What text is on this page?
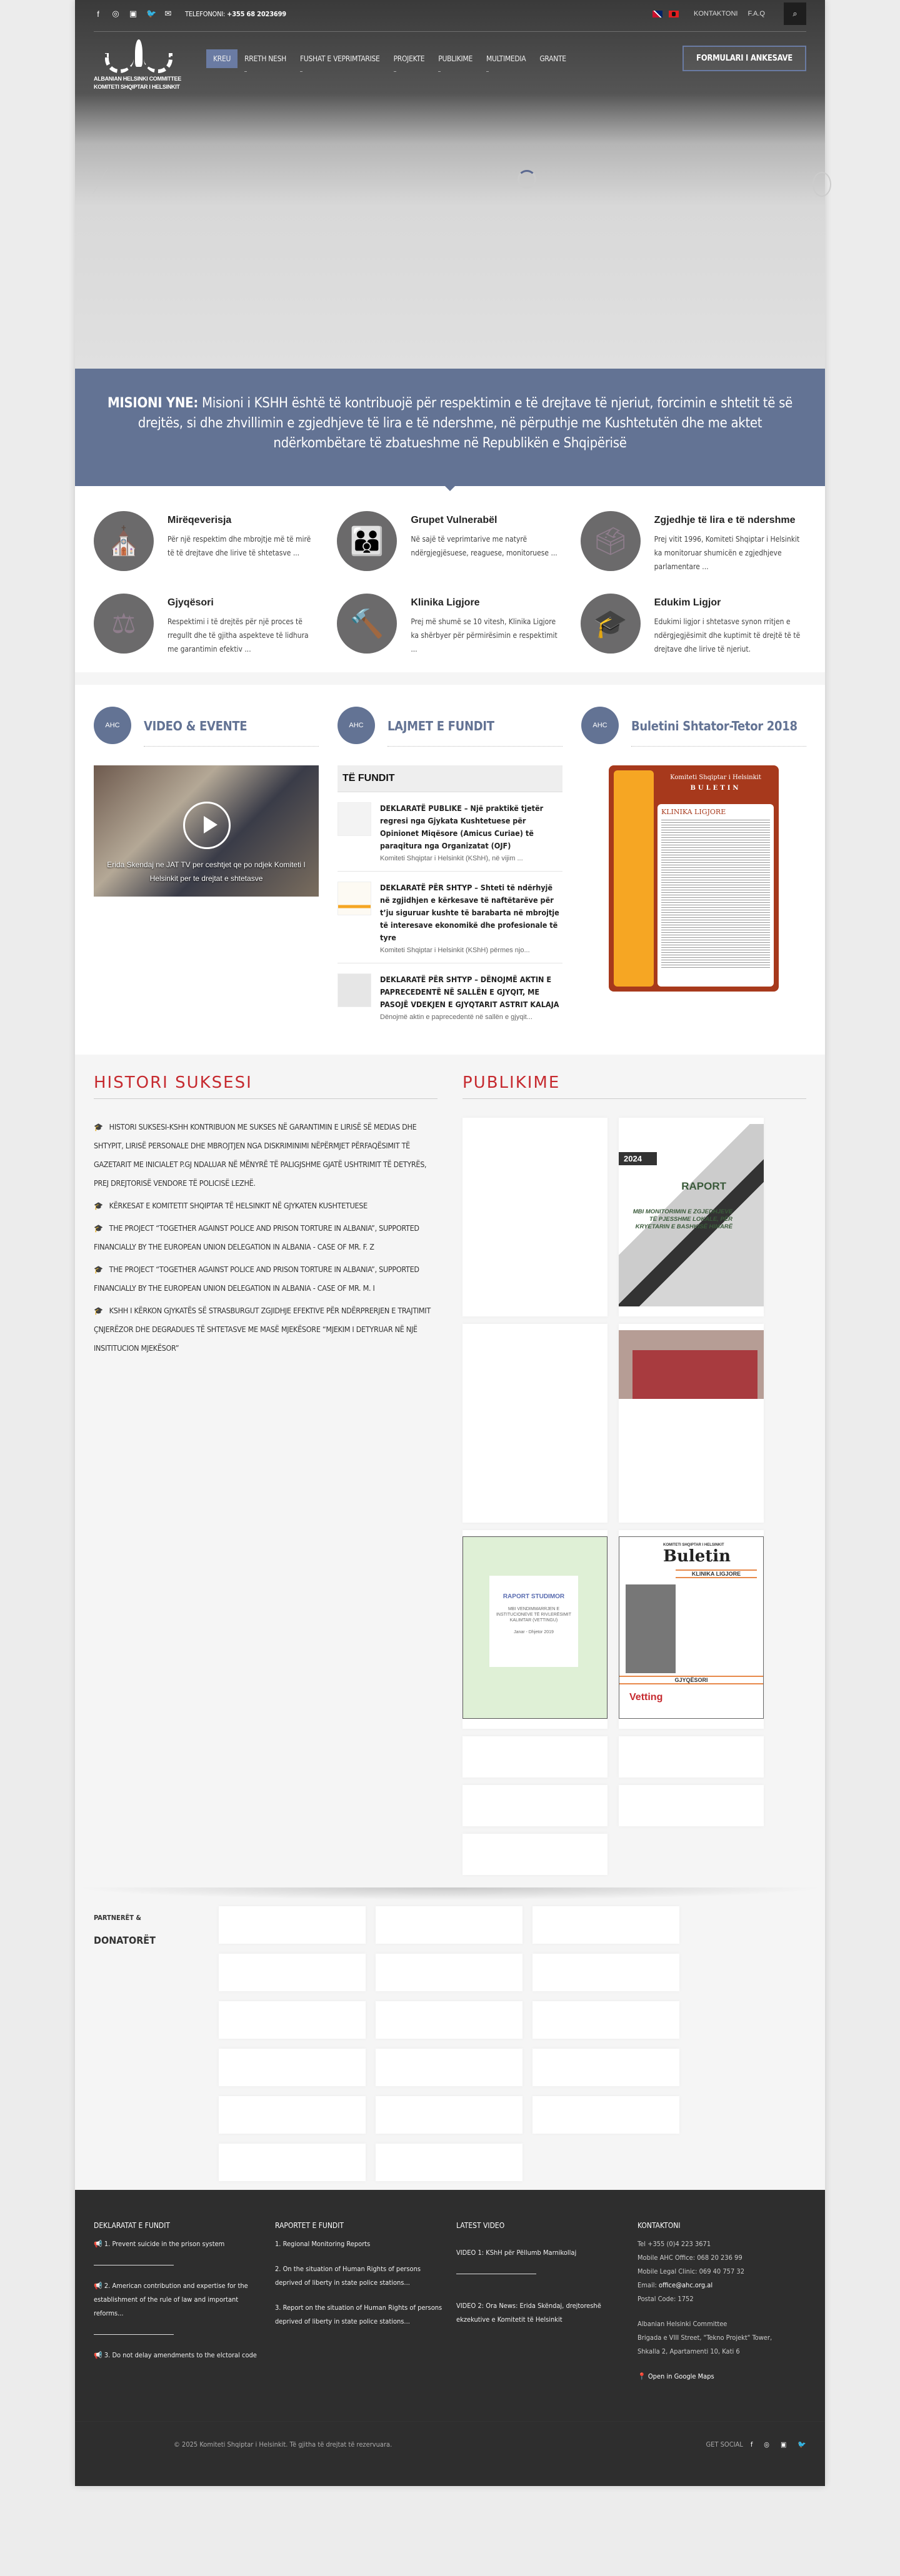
f	◎ ▣ 🐦 ✉ TELEFONONI: +355 68 2023699	KONTAKTONI F.A.Q	⌕
ALBANIAN HELSINKI COMMITTEE
KOMITETI SHQIPTAR I HELSINKIT
KREU	RRETH NESH	FUSHAT E VEPRIMTARISE	PROJEKTE	PUBLIKIME	MULTIMEDIA	GRANTE	FORMULARI I ANKESAVE
MISIONI YNE: Misioni i KSHH është të kontribuojë për respektimin e të drejtave të njeriut, forcimin e shtetit të së drejtës, si dhe zhvillimin e zgjedhjeve të lira e të ndershme, në përputhje me Kushtetutën dhe me aktet ndërkombëtare të zbatueshme në Republikën e Shqipërisë
⛪
Mirëqeverisja

Për një respektim dhe mbrojtje më të mirë të të drejtave dhe lirive të shtetasve ...	👪
Grupet Vulnerabël

Në sajë të veprimtarive me natyrë ndërgjegjësuese, reaguese, monitoruese ...	🗳
Zgjedhje të lira e të ndershme

Prej vitit 1996, Komiteti Shqiptar i Helsinkit ka monitoruar shumicën e zgjedhjeve parlamentare ...

⚖
Gjyqësori

Respektimi i të drejtës për një proces të rregullt dhe të gjitha aspekteve të lidhura me garantimin efektiv ...

🔨
Klinika Ligjore

Prej më shumë se 10 vitesh, Klinika Ligjore ka shërbyer për përmirësimin e respektimit ...

🎓
Edukim Ligjor

Edukimi ligjor i shtetasve synon rritjen e ndërgjegjësimit dhe kuptimit të drejtë të të drejtave dhe lirive të njeriut.

AHC	VIDEO & EVENTE
Erida Skendaj ne JAT TV per ceshtjet qe po ndjek Komiteti I Helsinkit per te drejtat e shtetasve
AHC	LAJMET E FUNDIT
TË FUNDIT
DEKLARATË PUBLIKE – Një praktikë tjetër regresi nga Gjykata Kushtetuese për Opinionet Miqësore (Amicus Curiae) të paraqitura nga Organizatat (OJF)

Komiteti Shqiptar i Helsinkit (KShH), në vijim ...

DEKLARATË PËR SHTYP – Shteti të ndërhyjë në zgjidhjen e kërkesave të naftëtarëve për t’ju siguruar kushte të barabarta në mbrojtje të interesave ekonomikë dhe profesionale të tyre

Komiteti Shqiptar i Helsinkit (KShH) përmes njo...

DEKLARATË PËR SHTYP – DËNOJMË AKTIN E PAPRECEDENTË NË SALLËN E GJYQIT, ME PASOJË VDEKJEN E GJYQTARIT ASTRIT KALAJA

Dënojmë aktin e paprecedentë në sallën e gjyqit...

AHC	Buletini Shtator-Tetor 2018
Komiteti Shqiptar i Helsinkit
BULETIN
KLINIKA LIGJORE
HISTORI SUKSESI

🎓 HISTORI SUKSESI-KSHH KONTRIBUON ME SUKSES NË GARANTIMIN E LIRISË SË MEDIAS DHE SHTYPIT, LIRISË PERSONALE DHE MBROJTJEN NGA DISKRIMINIMI NËPËRMJET PËRFAQËSIMIT TË GAZETARIT ME INICIALET P.GJ NDALUAR NË MËNYRË TË PALIGJSHME GJATË USHTRIMIT TË DETYRËS, PREJ DREJTORISË VENDORE TË POLICISË LEZHË.

🎓 KËRKESAT E KOMITETIT SHQIPTAR TË HELSINKIT NË GJYKATEN KUSHTETUESE

🎓 THE PROJECT “TOGETHER AGAINST POLICE AND PRISON TORTURE IN ALBANIA”, SUPPORTED FINANCIALLY BY THE EUROPEAN UNION DELEGATION IN ALBANIA - CASE OF MR. F. Z

🎓 THE PROJECT “TOGETHER AGAINST POLICE AND PRISON TORTURE IN ALBANIA”, SUPPORTED FINANCIALLY BY THE EUROPEAN UNION DELEGATION IN ALBANIA - CASE OF MR. M. I

🎓 KSHH I KËRKON GJYKATËS SË STRASBURGUT ZGJIDHJE EFEKTIVE PËR NDËRPRERJEN E TRAJTIMIT ÇNJERËZOR DHE DEGRADUES TË SHTETASVE ME MASË MJEKËSORE “MJEKIM I DETYRUAR NË NJË INSITITUCION MJEKËSOR”

PUBLIKIME
2024
RAPORT
MBI MONITORIMIN E ZGJEDHJEVE TË PJESSHME LOKALE, PËR KRYETARIN E BASHKISË HIMARË
RAPORT STUDIMOR
MBI VENDIMMARRJEN E INSTITUCIONEVE TË RIVLERËSIMIT KALIMTAR (VETTINGU)
Janar - Dhjetor 2019
KOMITETI SHQIPTAR I HELSINKIT
Buletin
KLINIKA LIGJORE
GJYQËSORI
Vetting
PARTNERËT &
DONATORËT
DEKLARATAT E FUNDIT
📢 1. Prevent suicide in the prison system
📢 2. American contribution and expertise for the establishment of the rule of law and important reforms...
📢 3. Do not delay amendments to the elctoral code
RAPORTET E FUNDIT
1. Regional Monitoring Reports
2. On the situation of Human Rights of persons deprived of liberty in state police stations...
3. Report on the situation of Human Rights of persons deprived of liberty in state police stations...
LATEST VIDEO
VIDEO 1: KShH për Pëllumb Marnikollaj
VIDEO 2: Ora News: Erida Skëndaj, drejtoreshë ekzekutive e Komitetit të Helsinkit
KONTAKTONI
Tel +355 (0)4 223 3671
Mobile AHC Office: 068 20 236 99
Mobile Legal Clinic: 069 40 757 32
Email: office@ahc.org.al
Postal Code: 1752
Albanian Helsinki Committee
Brigada e VIII Street, "Tekno Projekt" Tower,
Shkalla 2, Apartamenti 10, Kati 6
📍 Open in Google Maps
© 2025 Komiteti Shqiptar i Helsinkit. Të gjitha të drejtat të rezervuara.	GET SOCIAL f ◎ ▣ 🐦
